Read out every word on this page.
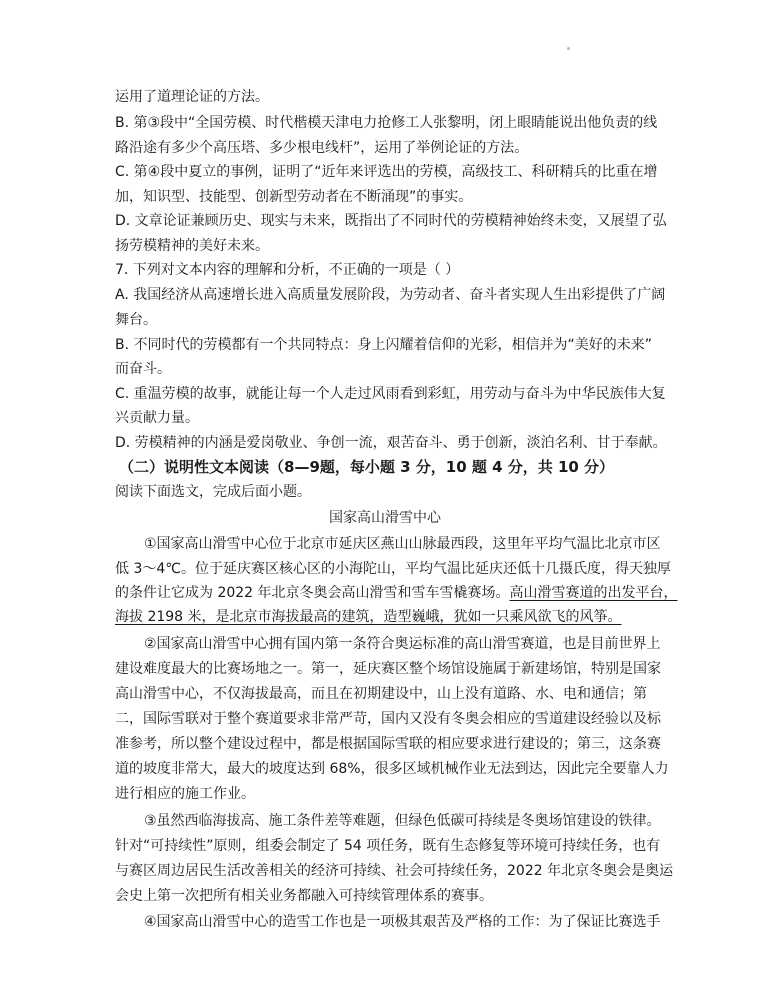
运用了道理论证的方法。
B. 第③段中“全国劳模、时代楷模天津电力抢修工人张黎明，闭上眼睛能说出他负责的线
路沿途有多少个高压塔、多少根电线杆”，运用了举例论证的方法。
C. 第④段中夏立的事例，证明了“近年来评选出的劳模，高级技工、科研精兵的比重在增
加，知识型、技能型、创新型劳动者在不断涌现”的事实。
D. 文章论证兼顾历史、现实与未来，既指出了不同时代的劳模精神始终未变，又展望了弘
扬劳模精神的美好未来。
7. 下列对文本内容的理解和分析，不正确的一项是（ ）
A. 我国经济从高速增长进入高质量发展阶段，为劳动者、奋斗者实现人生出彩提供了广阔
舞台。
B. 不同时代的劳模都有一个共同特点：身上闪耀着信仰的光彩，相信并为“美好的未来”
而奋斗。
C. 重温劳模的故事，就能让每一个人走过风雨看到彩虹，用劳动与奋斗为中华民族伟大复
兴贡献力量。
D. 劳模精神的内涵是爱岗敬业、争创一流，艰苦奋斗、勇于创新，淡泊名利、甘于奉献。
（二）说明性文本阅读（8—9题，每小题 3 分，10 题 4 分，共 10 分）
阅读下面选文，完成后面小题。
国家高山滑雪中心
①国家高山滑雪中心位于北京市延庆区燕山山脉最西段，这里年平均气温比北京市区
低 3～4℃。位于延庆赛区核心区的小海陀山，平均气温比延庆还低十几摄氏度，得天独厚
的条件让它成为 2022 年北京冬奥会高山滑雪和雪车雪橇赛场。高山滑雪赛道的出发平台，
海拔 2198 米，是北京市海拔最高的建筑，造型巍峨，犹如一只乘风欲飞的风筝。
②国家高山滑雪中心拥有国内第一条符合奥运标准的高山滑雪赛道，也是目前世界上
建设难度最大的比赛场地之一。第一，延庆赛区整个场馆设施属于新建场馆，特别是国家
高山滑雪中心，不仅海拔最高，而且在初期建设中，山上没有道路、水、电和通信；第
二，国际雪联对于整个赛道要求非常严苛，国内又没有冬奥会相应的雪道建设经验以及标
准参考，所以整个建设过程中，都是根据国际雪联的相应要求进行建设的；第三，这条赛
道的坡度非常大，最大的坡度达到 68%，很多区域机械作业无法到达，因此完全要靠人力
进行相应的施工作业。
③虽然西临海拔高、施工条件差等难题，但绿色低碳可持续是冬奥场馆建设的铁律。
针对“可持续性”原则，组委会制定了 54 项任务，既有生态修复等环境可持续任务，也有
与赛区周边居民生活改善相关的经济可持续、社会可持续任务，2022 年北京冬奥会是奥运
会史上第一次把所有相关业务都融入可持续管理体系的赛事。
④国家高山滑雪中心的造雪工作也是一项极其艰苦及严格的工作：为了保证比赛选手
